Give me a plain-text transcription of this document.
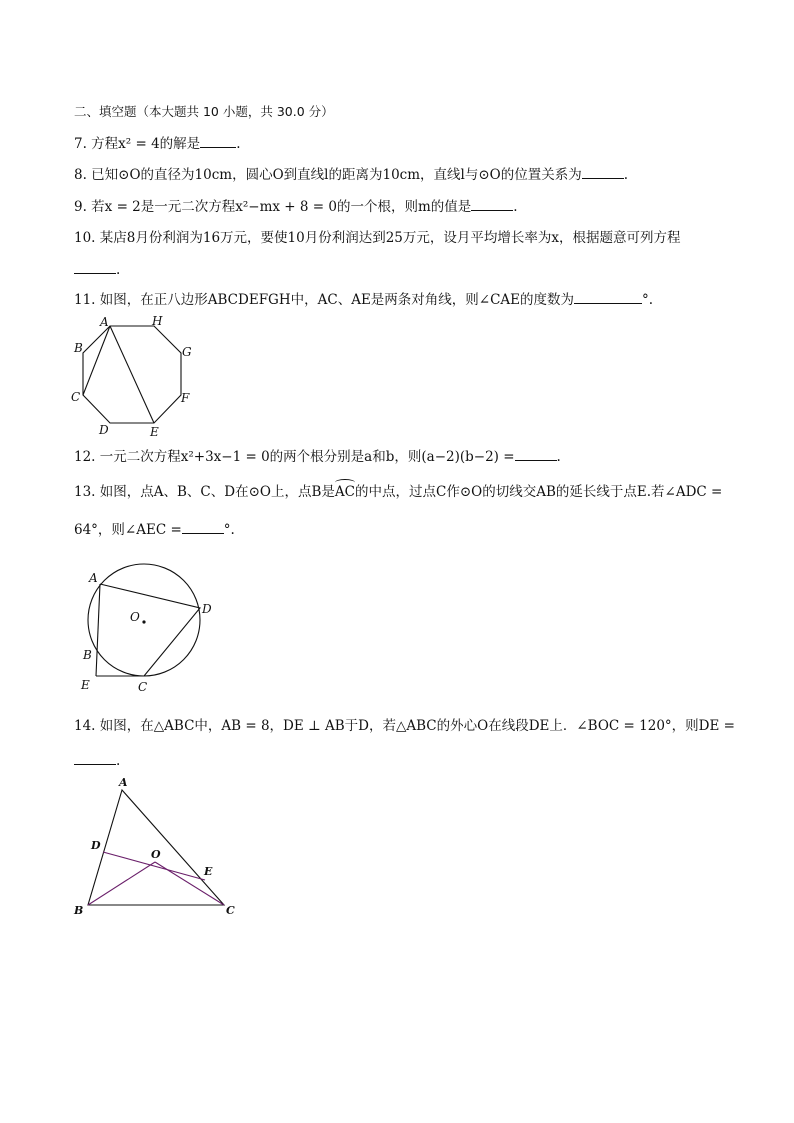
二、填空题（本大题共 10 小题，共 30.0 分）
7. 方程x² = 4的解是	.
8. 已知⊙O的直径为10cm，圆心O到直线l的距离为10cm，直线l与⊙O的位置关系为	.
9. 若x = 2是一元二次方程x²−mx + 8 = 0的一个根，则m的值是	.
10. 某店8月份利润为16万元，要使10月份利润达到25万元，设月平均增长率为x，根据题意可列方程
.
11. 如图，在正八边形ABCDEFGH中，AC、AE是两条对角线，则∠CAE的度数为	°.
A	H
B	G
C	F
D	E
12. 一元二次方程x²+3x−1 = 0的两个根分别是a和b，则(a−2)(b−2) =	.
13. 如图，点A、B、C、D在⊙O上，点B是AC的中点，过点C作⊙O的切线交AB的延长线于点E.若∠ADC =
64°，则∠AEC =	°.
A
D
O
B
E	C
14. 如图，在△ABC中，AB = 8，DE ⊥ AB于D，若△ABC的外心O在线段DE上．∠BOC = 120°，则DE =
.
A
D
O
E
B	C
